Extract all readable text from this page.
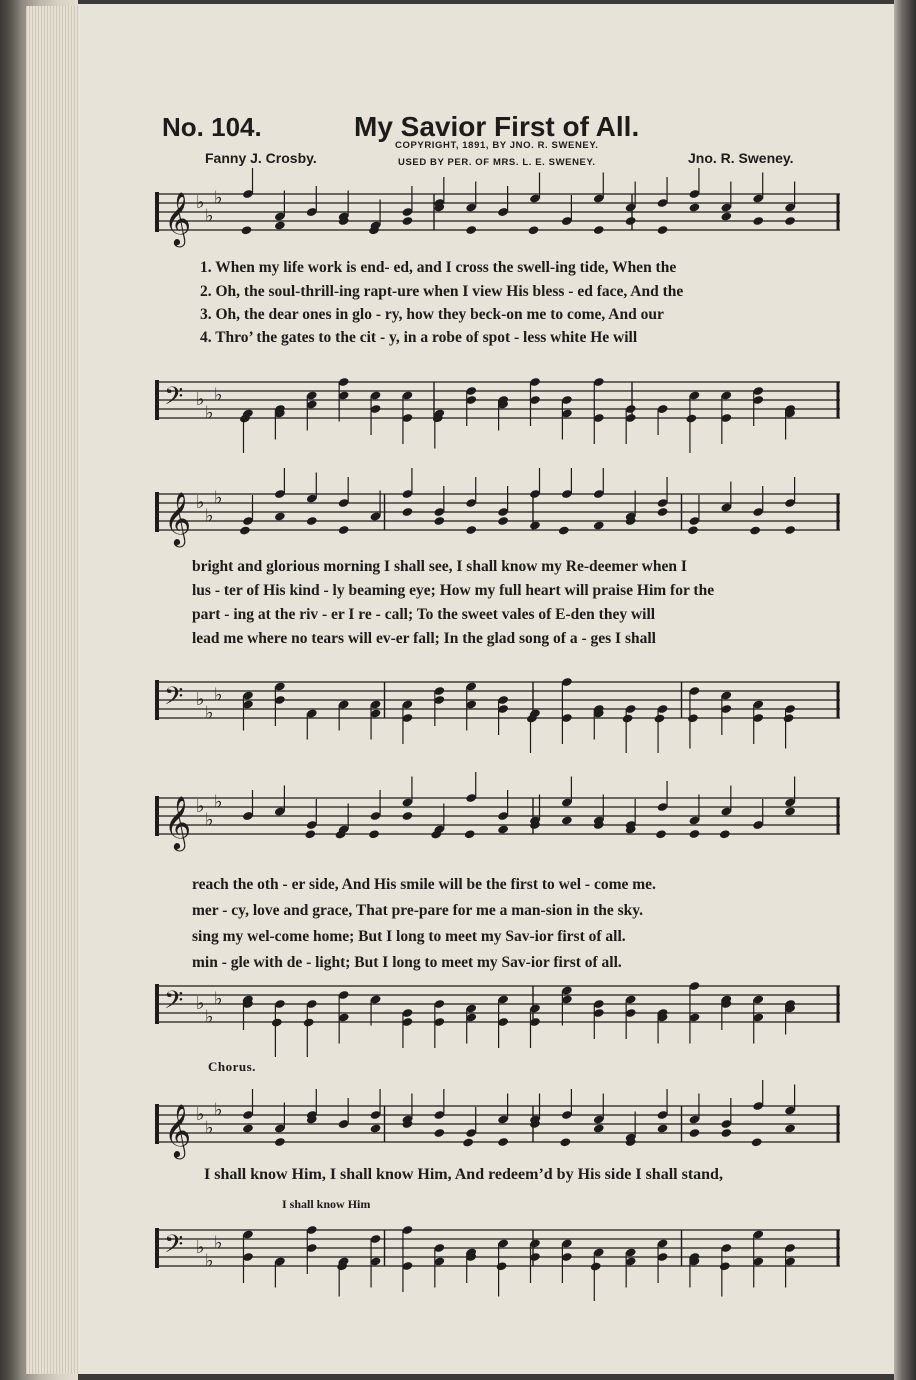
No. 104.	My Savior First of All.
Fanny J. Crosby.	Jno. R. Sweney.
COPYRIGHT, 1891, BY JNO. R. SWENEY.
USED BY PER. OF MRS. L. E. SWENEY.
𝄞 ♭
♭
♭
𝄢 ♭
♭
♭
1. When my life work is end- ed, and I cross the swell-ing tide, When the
2. Oh, the soul-thrill-ing rapt-ure when I view His bless - ed face, And the
3. Oh, the dear ones in glo - ry, how they beck-on me to come, And our
4. Thro’ the gates to the cit - y, in a robe of spot - less white He will
𝄞 ♭
♭
♭
𝄢 ♭
♭
♭
bright and glorious morning I shall see, I shall know my Re-deemer when I
lus - ter of His kind - ly beaming eye; How my full heart will praise Him for the
part - ing at the riv - er I re - call; To the sweet vales of E-den they will
lead me where no tears will ev-er fall; In the glad song of a - ges I shall
𝄞 ♭
♭
♭
𝄢 ♭
♭
♭
reach the oth - er side, And His smile will be the first to wel - come me.
mer - cy, love and grace, That pre-pare for me a man-sion in the sky.
sing my wel-come home; But I long to meet my Sav-ior first of all.
min - gle with de - light; But I long to meet my Sav-ior first of all.
Chorus.
𝄞 ♭
♭
♭
I shall know Him, I shall know Him, And redeem’d by His side I shall stand,
I shall know Him
𝄢 ♭
♭
♭
